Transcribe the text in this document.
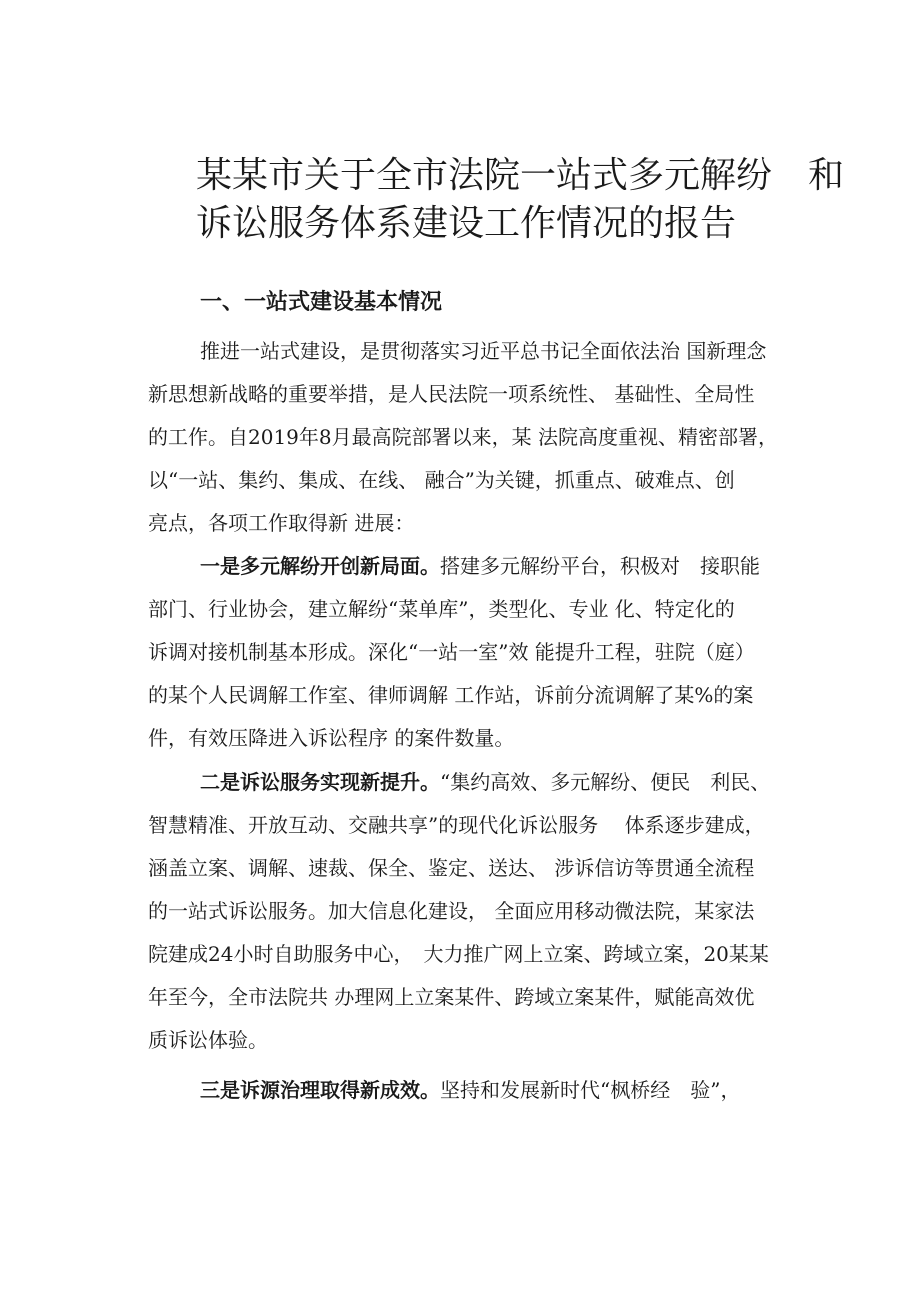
某某市关于全市法院一站式多元解纷　和
诉讼服务体系建设工作情况的报告
一、一站式建设基本情况
推进一站式建设，是贯彻落实习近平总书记全面依法治 国新理念
新思想新战略的重要举措，是人民法院一项系统性、 基础性、全局性
的工作。自2019年8月最高院部署以来，某 法院高度重视、精密部署，
以“一站、集约、集成、在线、 融合”为关键，抓重点、破难点、创
亮点，各项工作取得新 进展：
一是多元解纷开创新局面。搭建多元解纷平台，积极对　接职能
部门、行业协会，建立解纷“菜单库”，类型化、专业 化、特定化的
诉调对接机制基本形成。深化“一站一室”效 能提升工程，驻院（庭）
的某个人民调解工作室、律师调解 工作站，诉前分流调解了某%的案
件，有效压降进入诉讼程序 的案件数量。
二是诉讼服务实现新提升。“集约高效、多元解纷、便民　利民、
智慧精准、开放互动、交融共享”的现代化诉讼服务　 体系逐步建成，
涵盖立案、调解、速裁、保全、鉴定、送达、 涉诉信访等贯通全流程
的一站式诉讼服务。加大信息化建设， 全面应用移动微法院，某家法
院建成24小时自助服务中心，　大力推广网上立案、跨域立案，20某某
年至今，全市法院共 办理网上立案某件、跨域立案某件，赋能高效优
质诉讼体验。
三是诉源治理取得新成效。坚持和发展新时代“枫桥经　验”，
